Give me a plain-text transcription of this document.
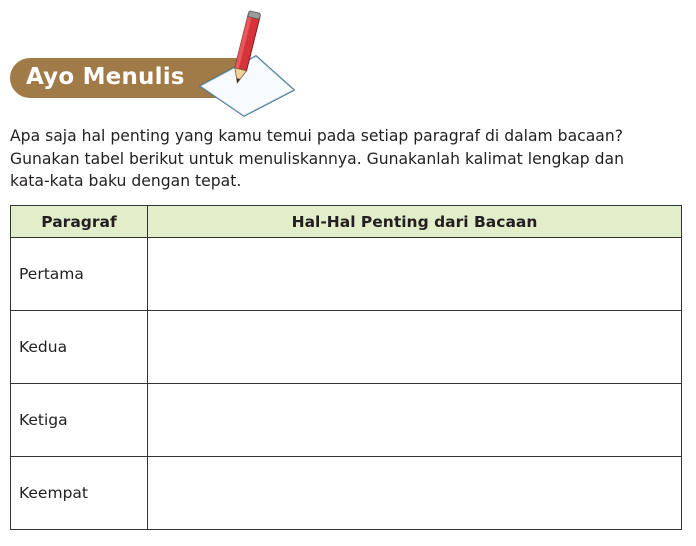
Ayo Menulis

Apa saja hal penting yang kamu temui pada setiap paragraf di dalam bacaan?
Gunakan tabel berikut untuk menuliskannya. Gunakanlah kalimat lengkap dan
kata-kata baku dengan tepat.

Paragraf	Hal-Hal Penting dari Bacaan
Pertama	
Kedua	
Ketiga	
Keempat	
